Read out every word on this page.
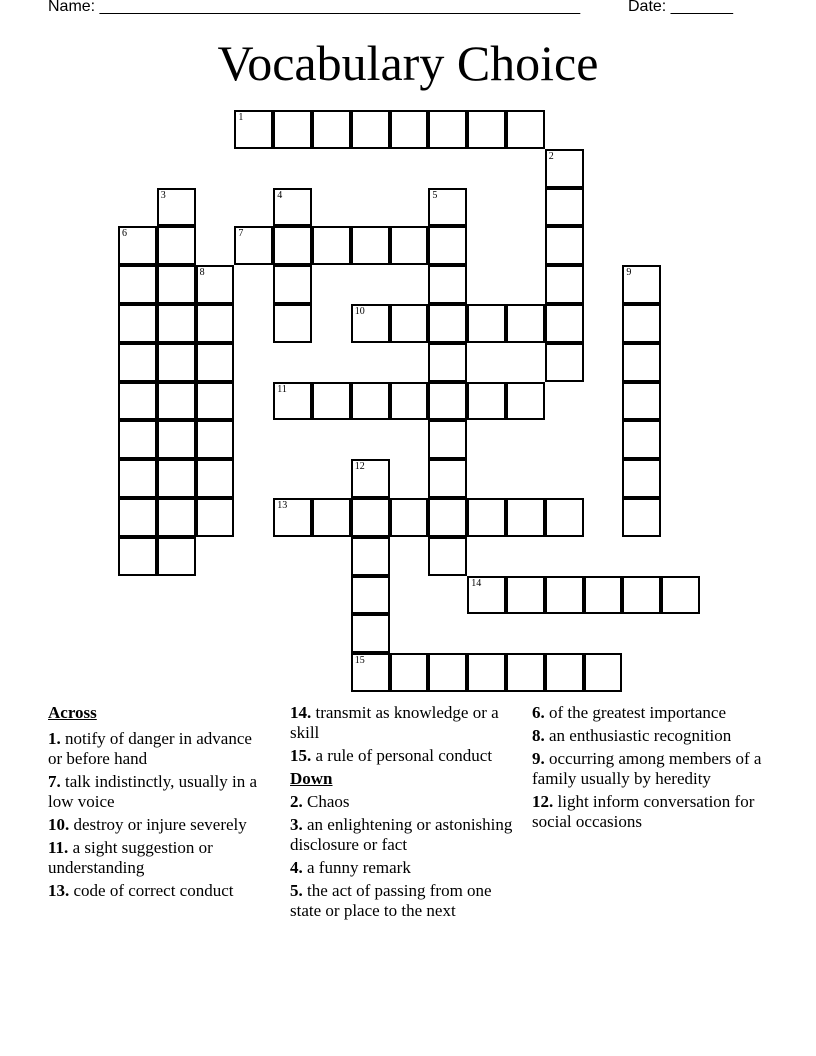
Name: ______________________________________________________	Date: _______
Vocabulary Choice
1
2
3	4	5
6	7
8	9
10
11
12
15
13
14
Across
1. notify of danger in advance or before hand
7. talk indistinctly, usually in a low voice
10. destroy or injure severely
11. a sight suggestion or understanding
13. code of correct conduct
14. transmit as knowledge or a skill
15. a rule of personal conduct
Down
2. Chaos
3. an enlightening or astonishing disclosure or fact
4. a funny remark
5. the act of passing from one state or place to the next
6. of the greatest importance
8. an enthusiastic recognition
9. occurring among members of a family usually by heredity
12. light inform conversation for social occasions
